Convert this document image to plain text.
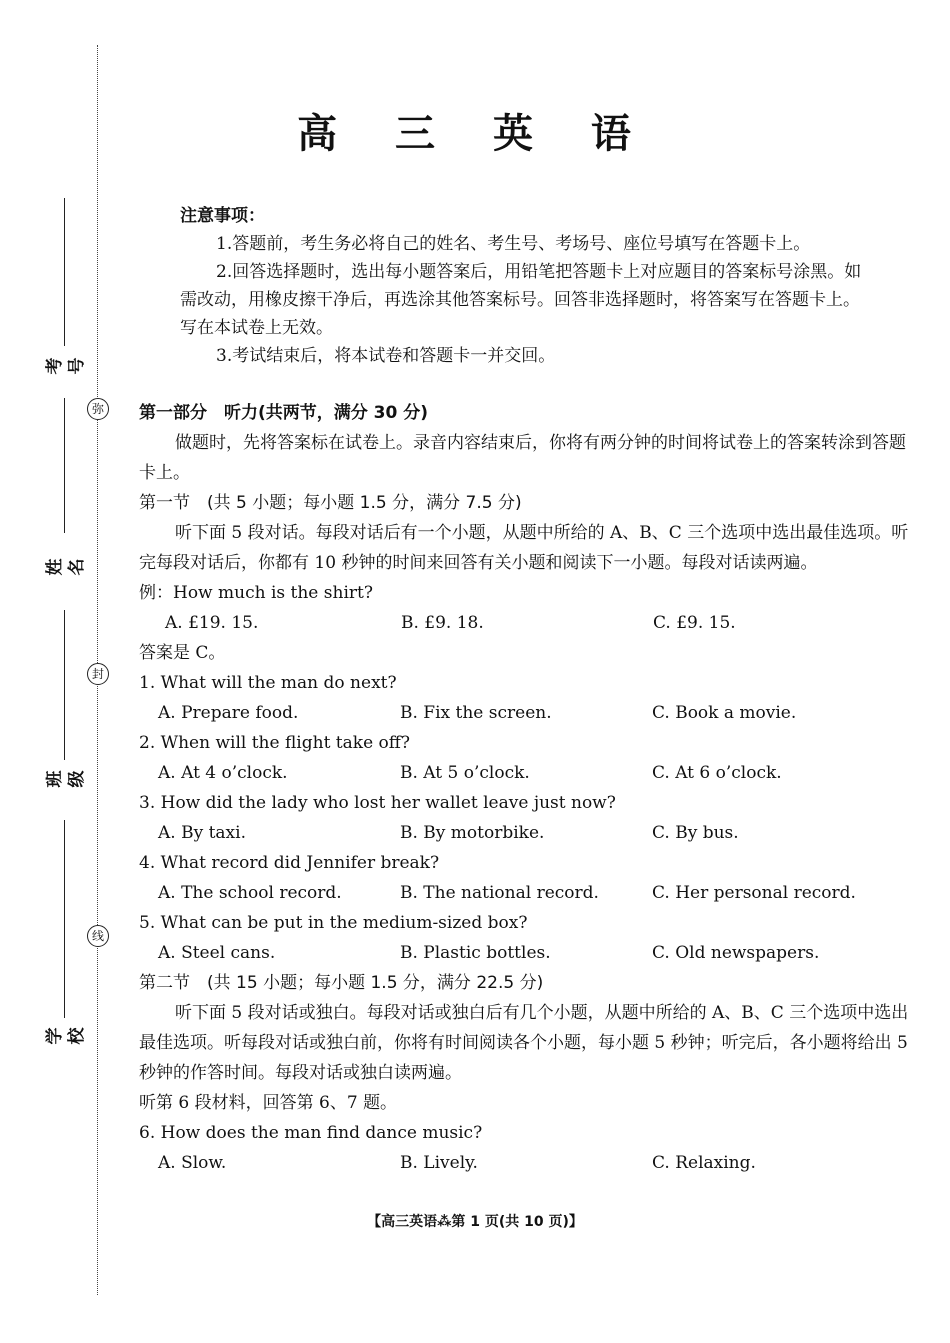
考号
弥
姓名
封
班级
线
学校
高 三 英 语

注意事项：

1.答题前，考生务必将自己的姓名、考生号、考场号、座位号填写在答题卡上。

2.回答选择题时，选出每小题答案后，用铅笔把答题卡上对应题目的答案标号涂黑。如需改动，用橡皮擦干净后，再选涂其他答案标号。回答非选择题时，将答案写在答题卡上。写在本试卷上无效。

3.考试结束后，将本试卷和答题卡一并交回。

第一部分　听力(共两节，满分 30 分)

做题时，先将答案标在试卷上。录音内容结束后，你将有两分钟的时间将试卷上的答案转涂到答题卡上。

第一节　(共 5 小题；每小题 1.5 分，满分 7.5 分)

听下面 5 段对话。每段对话后有一个小题，从题中所给的 A、B、C 三个选项中选出最佳选项。听完每段对话后，你都有 10 秒钟的时间来回答有关小题和阅读下一小题。每段对话读两遍。

例：How much is the shirt?

A. £19. 15.	B. £9. 18.	C. £9. 15.

答案是 C。

1. What will the man do next?

A. Prepare food.	B. Fix the screen.	C. Book a movie.

2. When will the flight take off?

A. At 4 o’clock.	B. At 5 o’clock.	C. At 6 o’clock.

3. How did the lady who lost her wallet leave just now?

A. By taxi.	B. By motorbike.	C. By bus.

4. What record did Jennifer break?

A. The school record.	B. The national record.	C. Her personal record.

5. What can be put in the medium-sized box?

A. Steel cans.	B. Plastic bottles.	C. Old newspapers.

第二节　(共 15 小题；每小题 1.5 分，满分 22.5 分)

听下面 5 段对话或独白。每段对话或独白后有几个小题，从题中所给的 A、B、C 三个选项中选出最佳选项。听每段对话或独白前，你将有时间阅读各个小题，每小题 5 秒钟；听完后，各小题将给出 5 秒钟的作答时间。每段对话或独白读两遍。

听第 6 段材料，回答第 6、7 题。

6. How does the man find dance music?

A. Slow.	B. Lively.	C. Relaxing.
【高三英语⁂第 1 页(共 10 页)】
